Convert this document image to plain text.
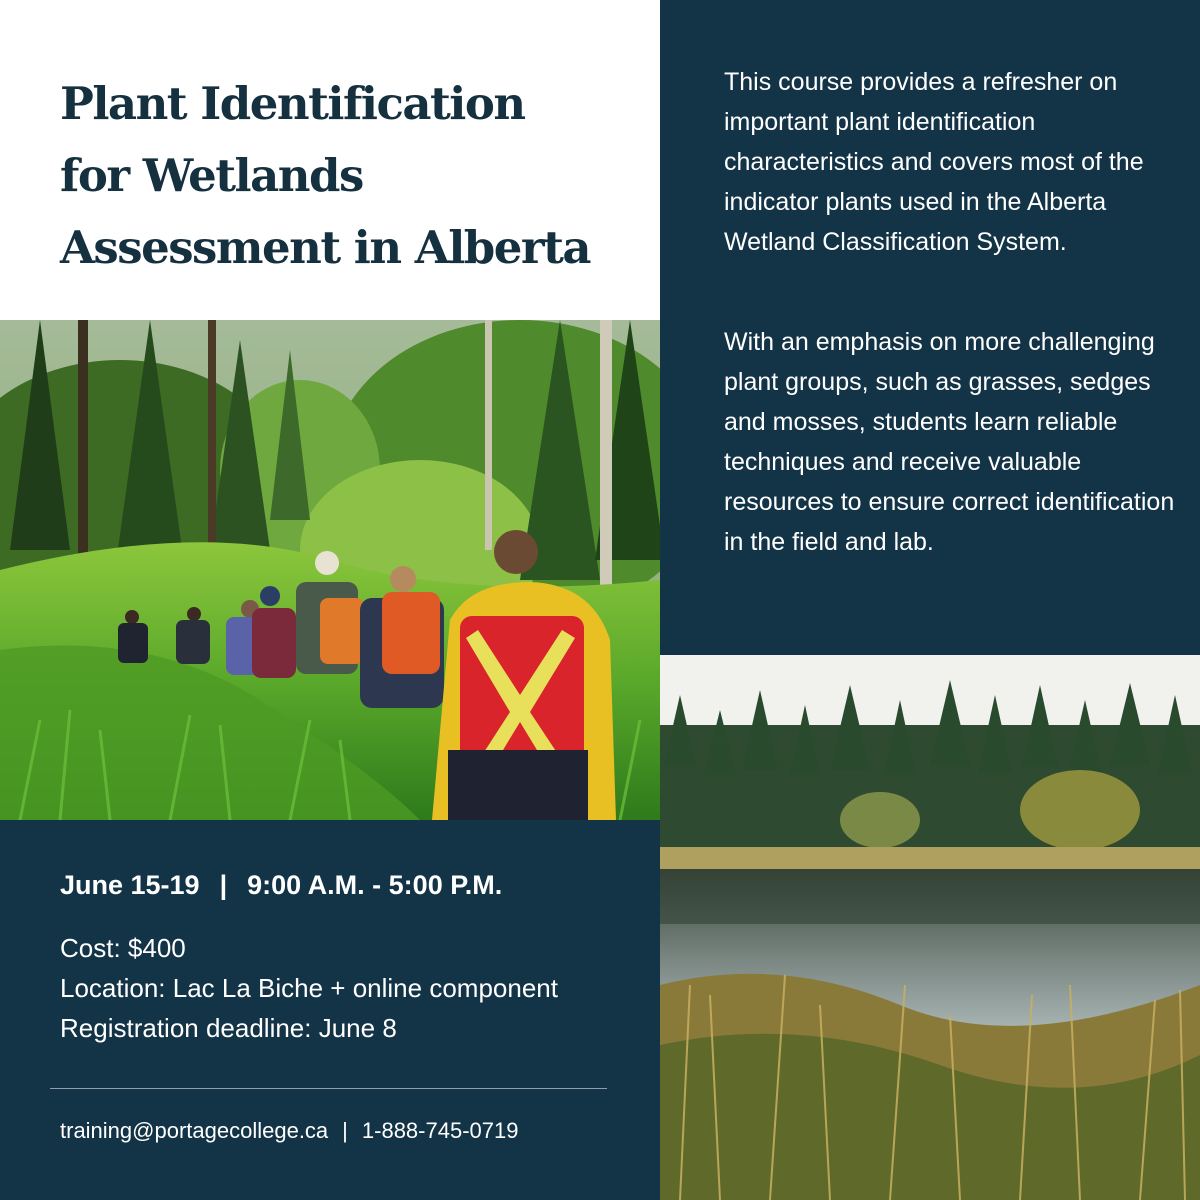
Plant Identification
for Wetlands
Assessment in Alberta

This course provides a refresher on important plant identification characteristics and covers most of the indicator plants used in the Alberta Wetland Classification System.

With an emphasis on more challenging plant groups, such as grasses, sedges and mosses, students learn reliable techniques and receive valuable resources to ensure correct identification in the field and lab.

June 15-19 | 9:00 A.M. - 5:00 P.M.

Cost: $400

Location: Lac La Biche + online component

Registration deadline: June 8

training@portagecollege.ca | 1-888-745-0719
